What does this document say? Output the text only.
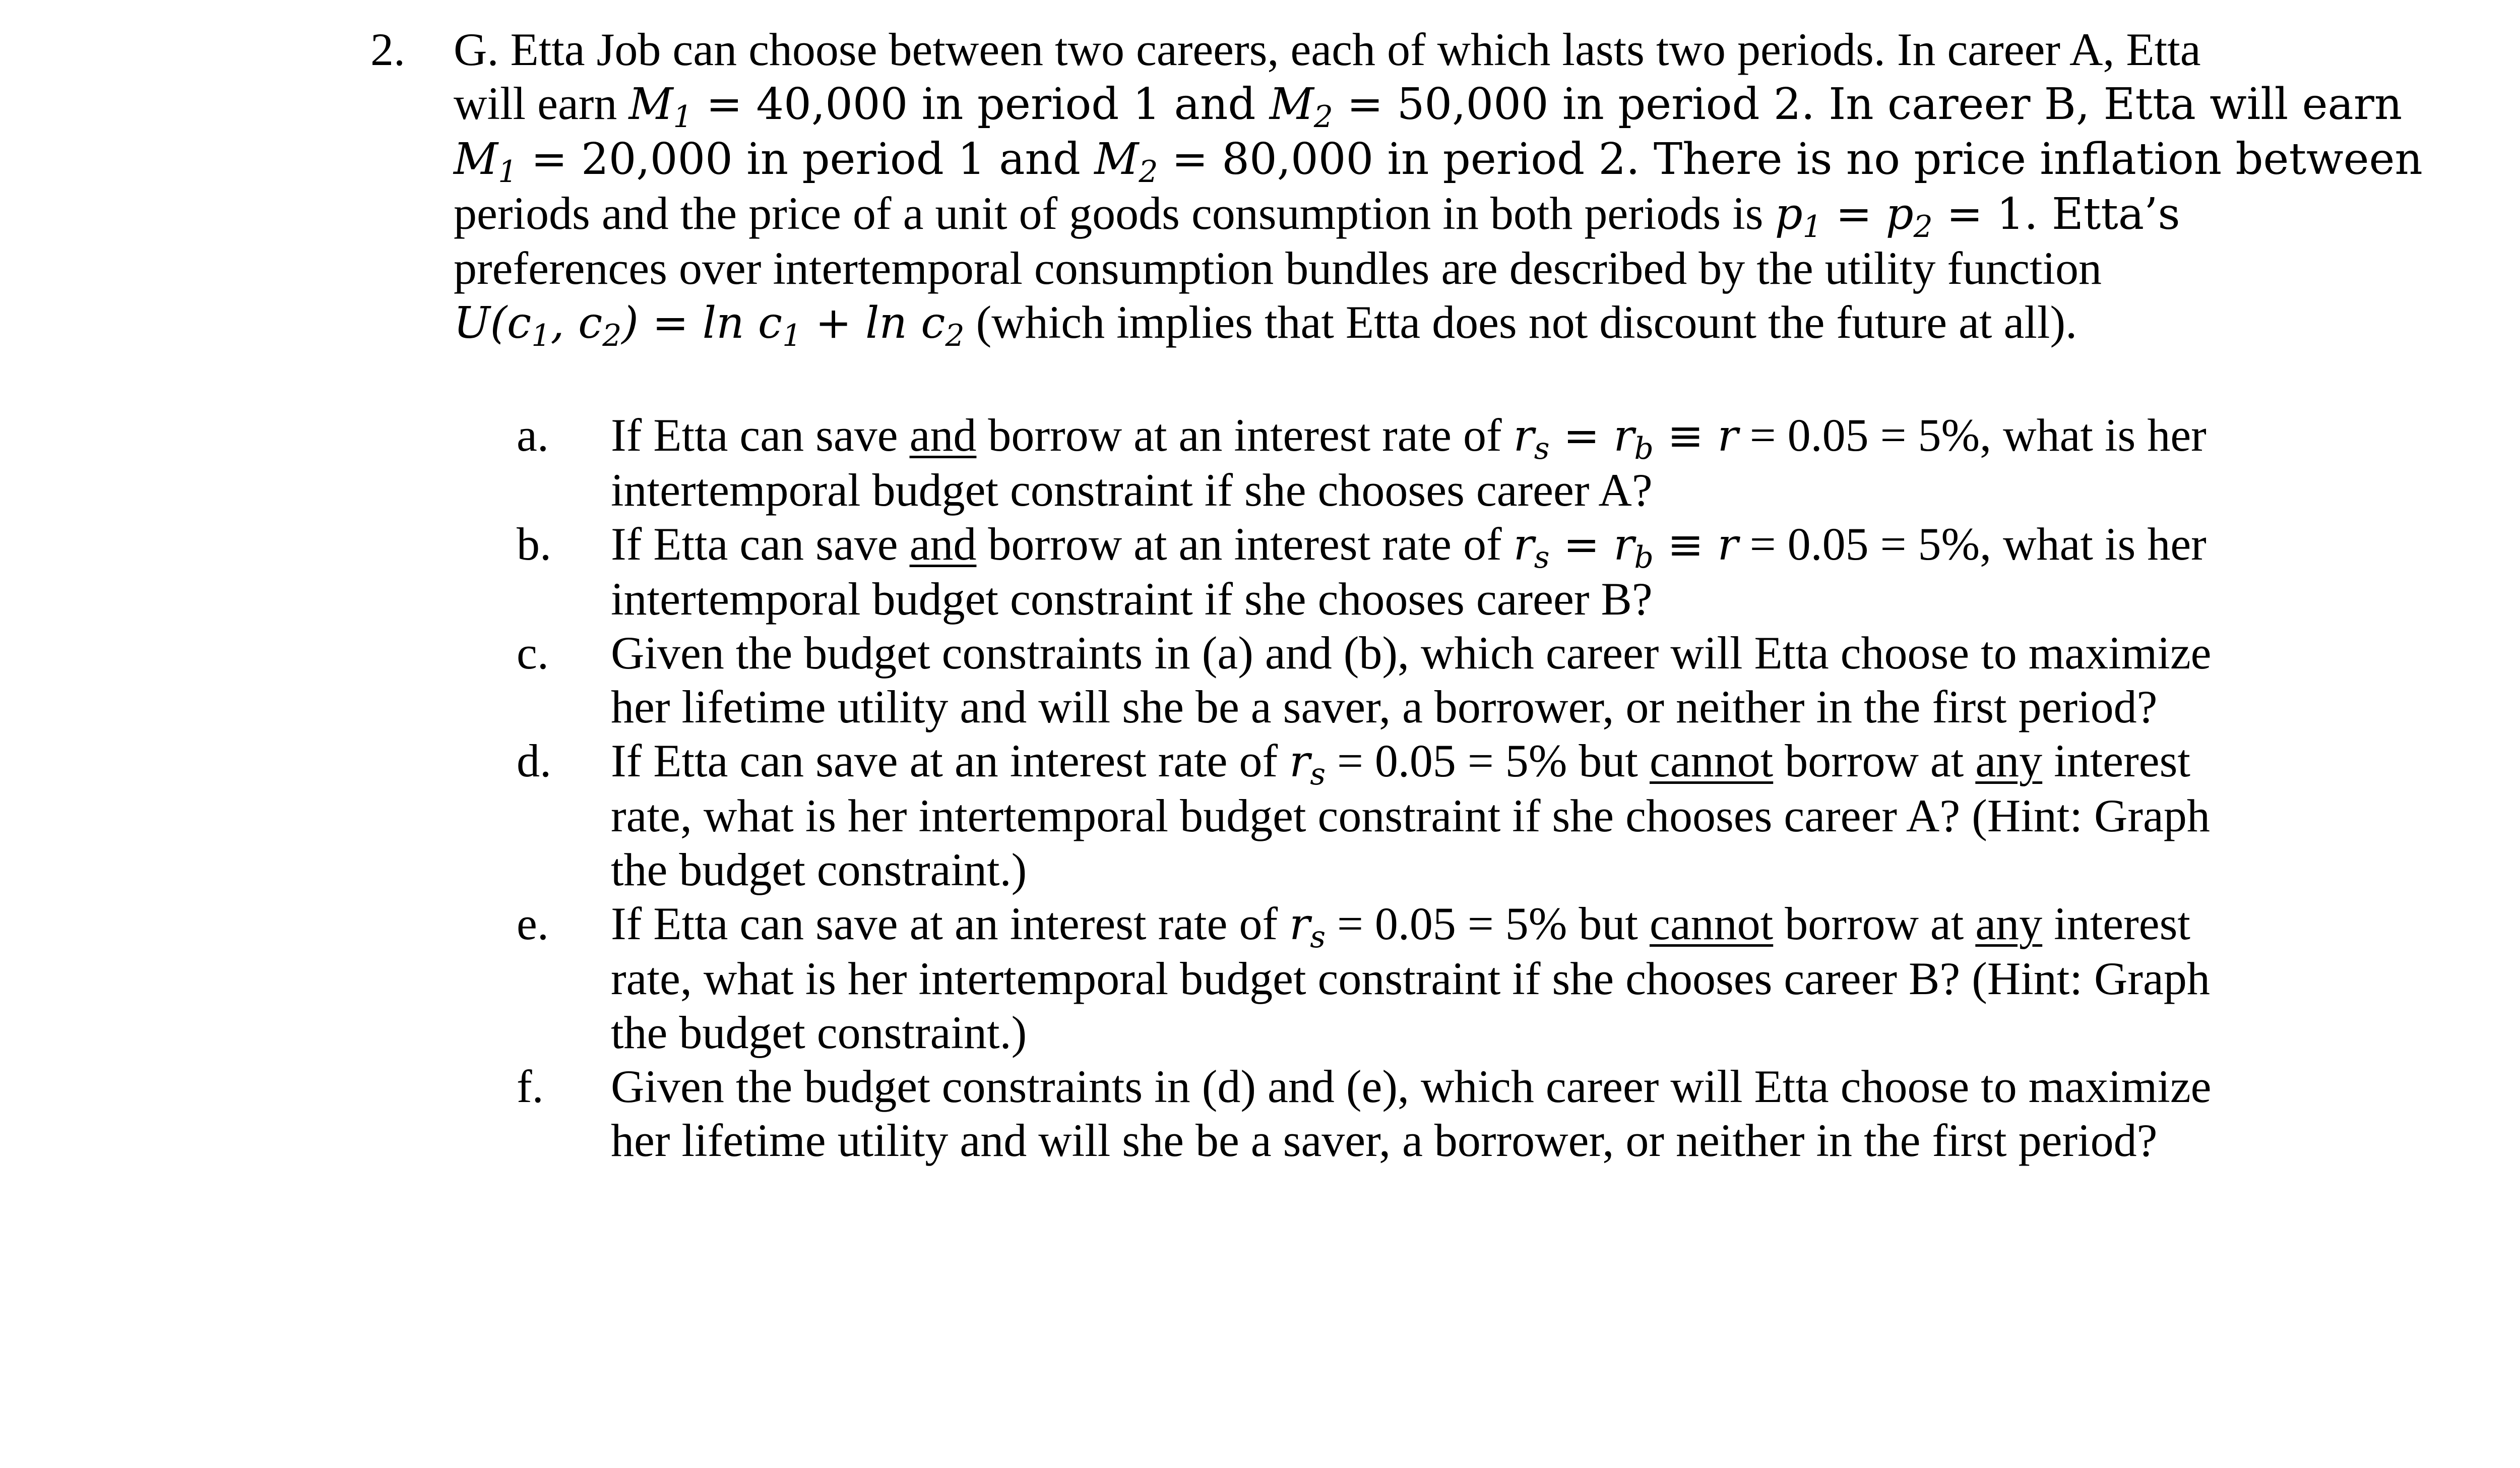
2.	G. Etta Job can choose between two careers, each of which lasts two periods. In career A, Etta
will earn $M_1 = 40,000$ in period 1 and $M_2 = 50,000$ in period 2. In career B, Etta will earn
$M_1 = 20,000$ in period 1 and $M_2 = 80,000$ in period 2. There is no price inflation between
periods and the price of a unit of goods consumption in both periods is $p_1 = p_2 = 1$. Etta’s
preferences over intertemporal consumption bundles are described by the utility function
$U(c_1$, $c_2) = \ln c_1 + \ln c_2$ (which implies that Etta does not discount the future at all).
a.	If Etta can save and borrow at an interest rate of $r_s = r_b \equiv r = 0.05 = 5\%$, what is her
intertemporal budget constraint if she chooses career A?
b.	If Etta can save and borrow at an interest rate of $r_s = r_b \equiv r = 0.05 = 5\%$, what is her
intertemporal budget constraint if she chooses career B?
c.	Given the budget constraints in (a) and (b), which career will Etta choose to maximize
her lifetime utility and will she be a saver, a borrower, or neither in the first period?
d.	If Etta can save at an interest rate of $r_s = 0.05 = 5\%$ but cannot borrow at any interest
rate, what is her intertemporal budget constraint if she chooses career A? (Hint: Graph
the budget constraint.)
e.	If Etta can save at an interest rate of $r_s = 0.05 = 5\%$ but cannot borrow at any interest
rate, what is her intertemporal budget constraint if she chooses career B? (Hint: Graph
the budget constraint.)
f.	Given the budget constraints in (d) and (e), which career will Etta choose to maximize
her lifetime utility and will she be a saver, a borrower, or neither in the first period?
